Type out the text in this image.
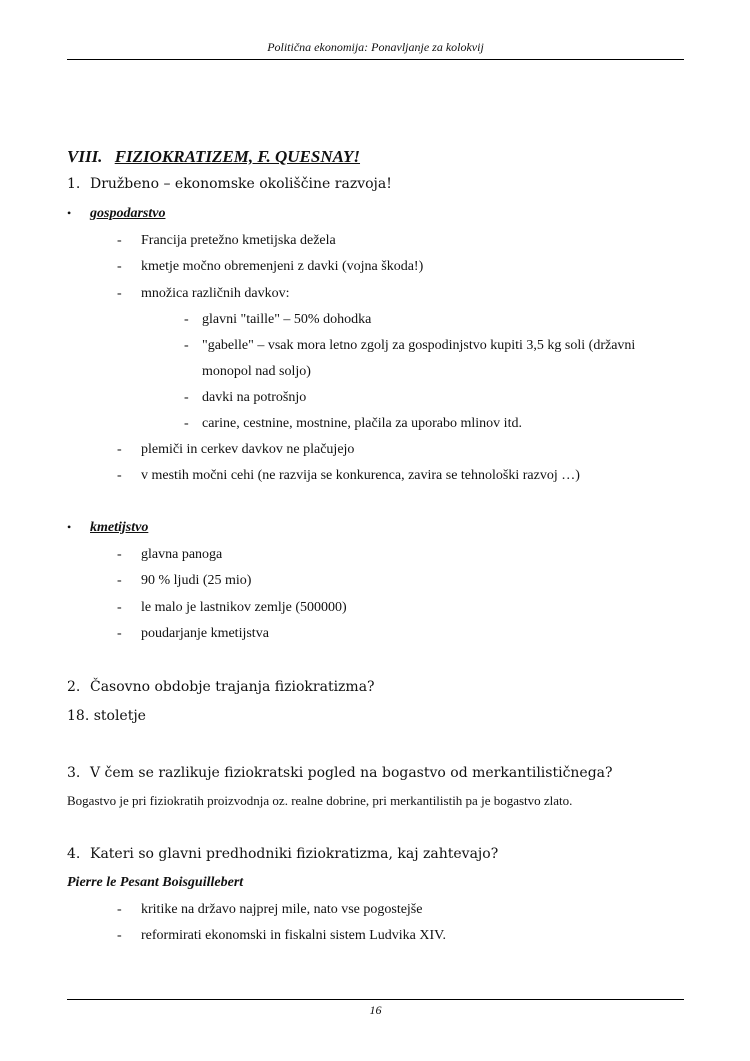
Politična ekonomija: Ponavljanje za kolokvij
VIII. FIZIOKRATIZEM, F. QUESNAY!
1. Družbeno – ekonomske okoliščine razvoja!
• gospodarstvo
- Francija pretežno kmetijska dežela
- kmetje močno obremenjeni z davki (vojna škoda!)
- množica različnih davkov:
- glavni "taille" – 50% dohodka
- "gabelle" – vsak mora letno zgolj za gospodinjstvo kupiti 3,5 kg soli (državni
monopol nad soljo)
- davki na potrošnjo
- carine, cestnine, mostnine, plačila za uporabo mlinov itd.
- plemiči in cerkev davkov ne plačujejo
- v mestih močni cehi (ne razvija se konkurenca, zavira se tehnološki razvoj …)
• kmetijstvo
- glavna panoga
- 90 % ljudi (25 mio)
- le malo je lastnikov zemlje (500000)
- poudarjanje kmetijstva
2. Časovno obdobje trajanja fiziokratizma?
18. stoletje
3. V čem se razlikuje fiziokratski pogled na bogastvo od merkantilističnega?
Bogastvo je pri fiziokratih proizvodnja oz. realne dobrine, pri merkantilistih pa je bogastvo zlato.
4. Kateri so glavni predhodniki fiziokratizma, kaj zahtevajo?
Pierre le Pesant Boisguillebert
- kritike na državo najprej mile, nato vse pogostejše
- reformirati ekonomski in fiskalni sistem Ludvika XIV.
16
